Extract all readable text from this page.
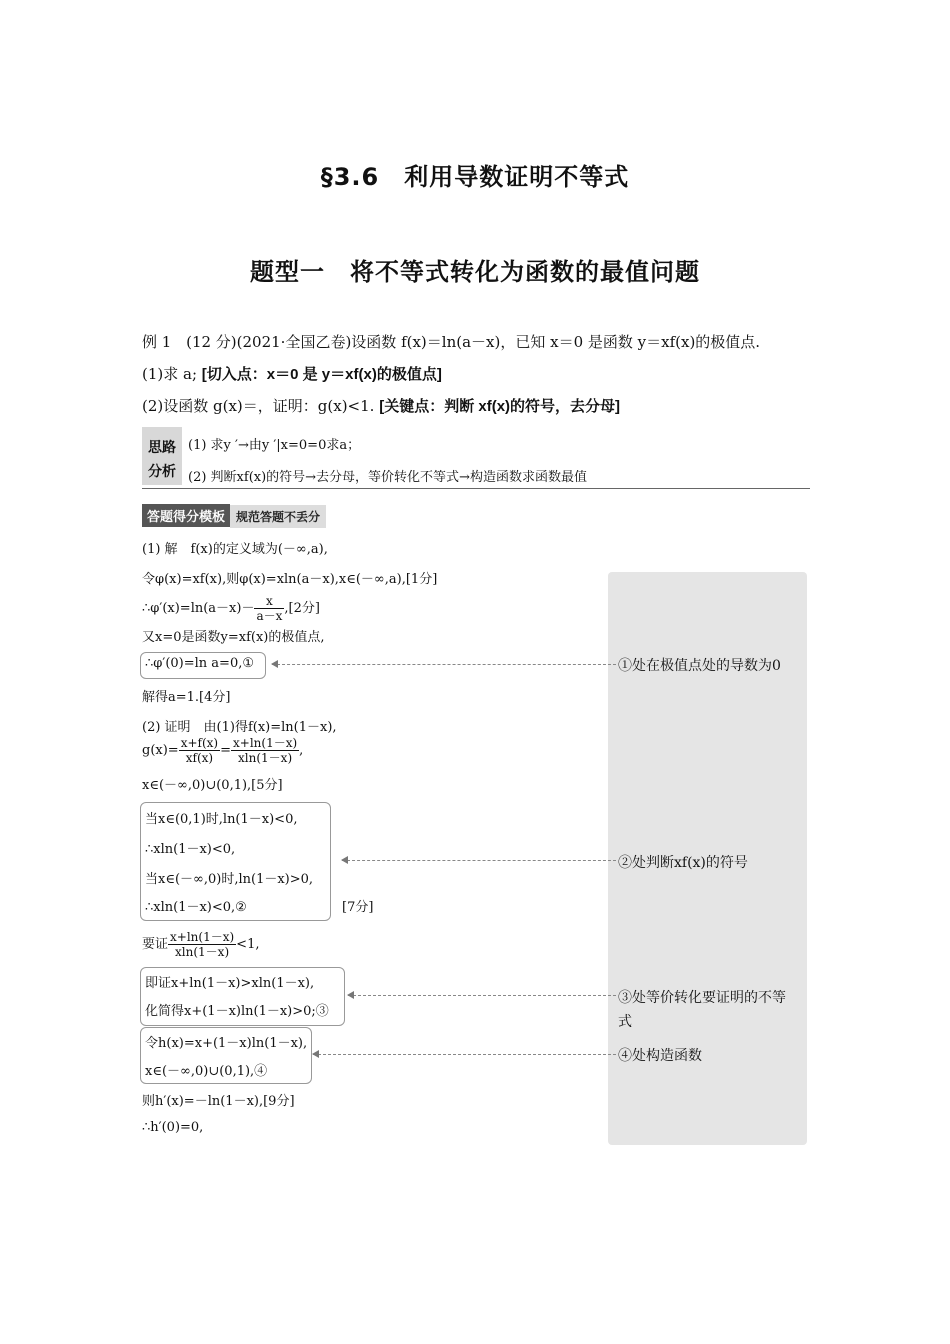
§3.6　利用导数证明不等式
题型一　将不等式转化为函数的最值问题
例 1 (12 分)(2021·全国乙卷)设函数 f(x)＝ln(a－x)，已知 x＝0 是函数 y＝xf(x)的极值点.
(1)求 a; [切入点：x＝0 是 y＝xf(x)的极值点]
(2)设函数 g(x)＝，证明：g(x)<1. [关键点：判断 xf(x)的符号，去分母]
思路
分析
(1) 求y ′→由y ′|x=0=0求a；
(2) 判断xf(x)的符号→去分母，等价转化不等式→构造函数求函数最值
答题得分模板 规范答题不丢分
(1) 解　f(x)的定义域为(－∞,a),
令φ(x)=xf(x),则φ(x)=xln(a－x),x∈(－∞,a),[1分]
∴φ′(x)=ln(a－x)－ $\frac{x}{a-x} ,[2$分]
又x=0是函数y=xf(x)的极值点,
∴φ′(0)=ln a=0,①
解得a=1.[4分]
(2) 证明　由(1)得f(x)=ln(1－x),
$g(x)= \frac{x+f(x)}{xf(x)} = \frac{x+\ln(1-x)}{xln(1-x)}$ ,
x∈(－∞,0)∪(0,1),[5分]
当x∈(0,1)时,ln(1－x)<0,
∴xln(1－x)<0,
当x∈(－∞,0)时,ln(1－x)>0,
∴xln(1－x)<0,②	[7分]
要证 $\frac{x+\ln(1-x)}{xln(1-x)} <1$,
即证x+ln(1－x)>xln(1－x),
化简得x+(1－x)ln(1－x)>0;③
令h(x)=x+(1－x)ln(1－x),
x∈(－∞,0)∪(0,1),④
则h′(x)=－ln(1－x),[9分]
∴h′(0)=0,
①处在极值点处的导数为0
②处判断xf(x)的符号
③处等价转化要证明的不等式
④处构造函数
